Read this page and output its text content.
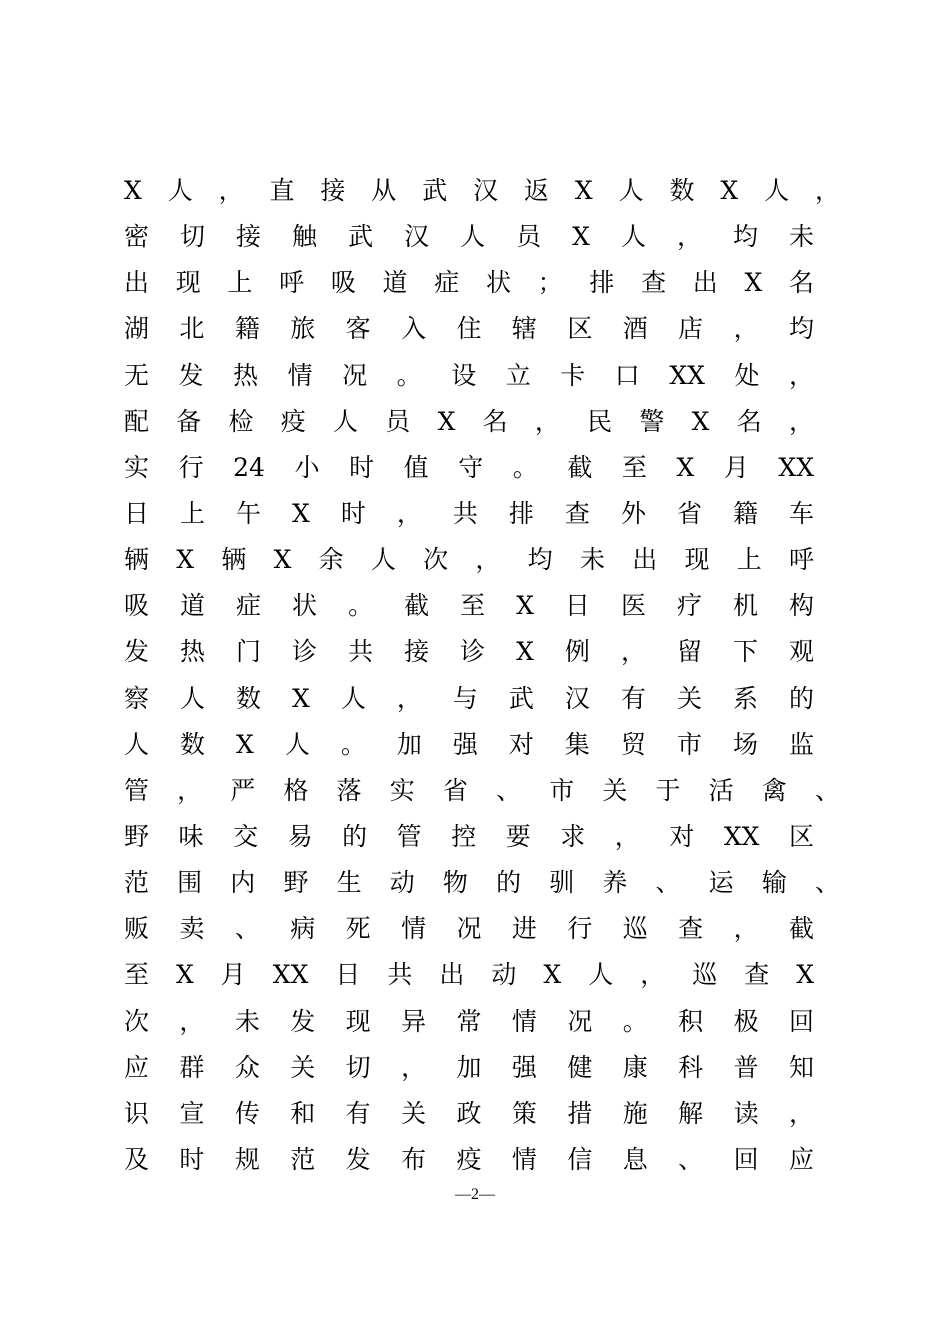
X人，直接从武汉返X人数X人，
密切接触武汉人员X人，均未
出现上呼吸道症状；排查出X名
湖北籍旅客入住辖区酒店，均
无发热情况。设立卡口XX处，
配备检疫人员X名，民警X名，
实行24小时值守。截至X月XX
日上午X时，共排查外省籍车
辆X辆X余人次，均未出现上呼
吸道症状。截至X日医疗机构
发热门诊共接诊X例，留下观
察人数X人，与武汉有关系的
人数X人。加强对集贸市场监
管，严格落实省、市关于活禽、
野味交易的管控要求，对XX区
范围内野生动物的驯养、运输、
贩卖、病死情况进行巡查，截
至X月XX日共出动X人，巡查X
次，未发现异常情况。积极回
应群众关切，加强健康科普知
识宣传和有关政策措施解读，
及时规范发布疫情信息、回应
—2—
